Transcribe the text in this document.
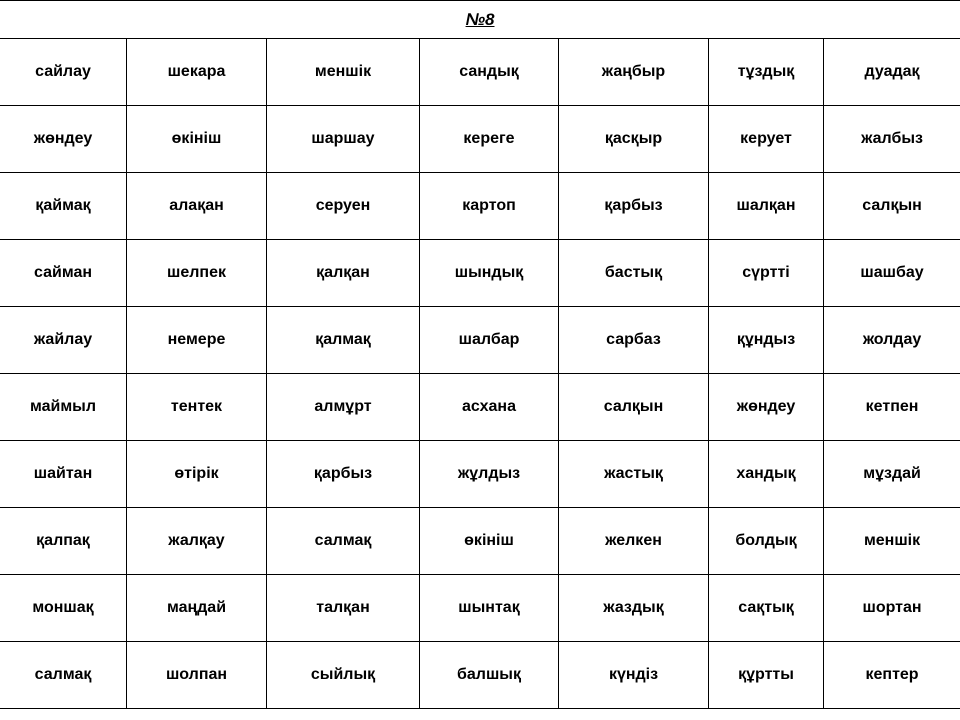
№8						
сайлау	шекара	меншік	сандық	жаңбыр	тұздық	дуадақ
жөндеу	өкініш	шаршау	кереге	қасқыр	керует	жалбыз
қаймақ	алақан	серуен	картоп	қарбыз	шалқан	салқын
сайман	шелпек	қалқан	шындық	бастық	сүртті	шашбау
жайлау	немере	қалмақ	шалбар	сарбаз	құндыз	жолдау
маймыл	тентек	алмұрт	асхана	салқын	жөндеу	кетпен
шайтан	өтірік	қарбыз	жұлдыз	жастық	хандық	мұздай
қалпақ	жалқау	салмақ	өкініш	желкен	болдық	меншік
моншақ	маңдай	талқан	шынтақ	жаздық	сақтық	шортан
салмақ	шолпан	сыйлық	балшық	күндіз	құртты	кептер
